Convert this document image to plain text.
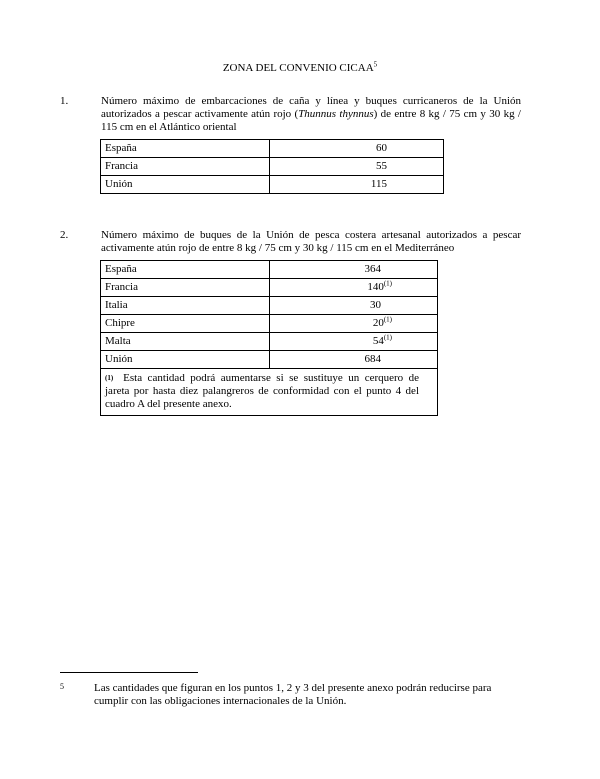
ZONA DEL CONVENIO CICAA$^5$
1.	Número máximo de embarcaciones de caña y línea y buques curricaneros de la Unión autorizados a pescar activamente atún rojo (Thunnus thynnus) de entre 8 kg / 75 cm y 30 kg / 115 cm en el Atlántico oriental
España	60
Francia	55
Unión	115
2.	Número máximo de buques de la Unión de pesca costera artesanal autorizados a pescar activamente atún rojo de entre 8 kg / 75 cm y 30 kg / 115 cm en el Mediterráneo
España	364
Francia	140$^{(1)}$
Italia	30
Chipre	20$^{(1)}$
Malta	54$^{(1)}$
Unión	684
$^{(1)}$ Esta cantidad podrá aumentarse si se sustituye un cerquero de jareta por hasta diez palangreros de conformidad con el punto 4 del cuadro A del presente anexo.	
5	Las cantidades que figuran en los puntos 1, 2 y 3 del presente anexo podrán reducirse para cumplir con las obligaciones internacionales de la Unión.
